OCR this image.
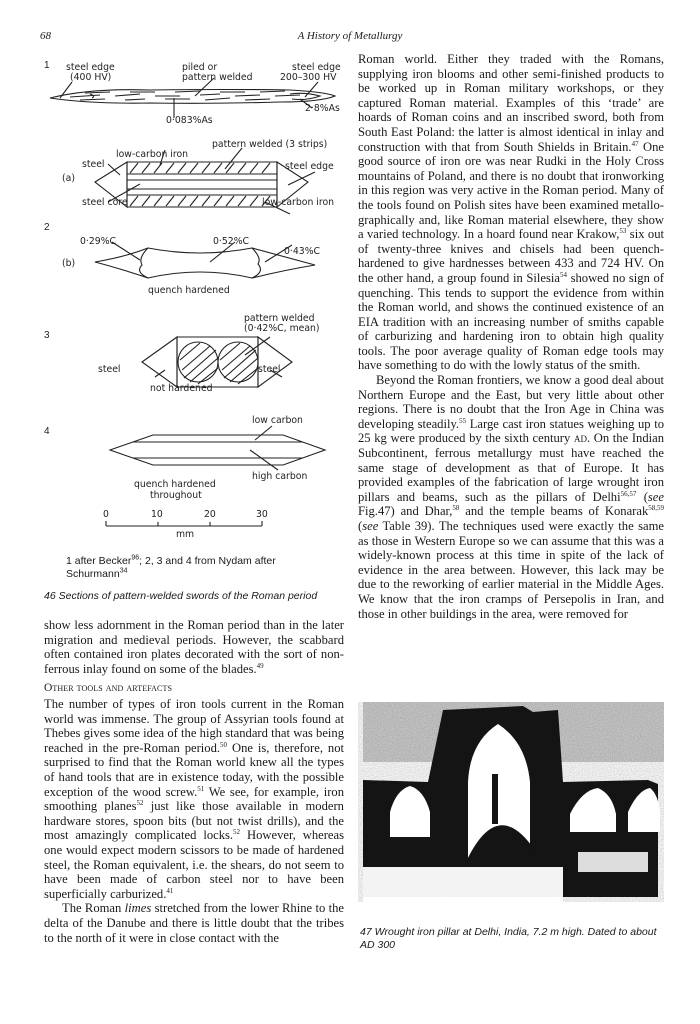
68	A History of Metallurgy
1 steel edge
(400 HV)
piled or
pattern welded
steel edge
200–300 HV
2·8%As
0·083%As
pattern welded (3 strips)
low-carbon iron
steel	steel edge
(a)
steel core	low-carbon iron
2
0·29%C	0·52%C
0·43%C
(b)
quench hardened
pattern welded
(0·42%C, mean)
3
steel	steel
not hardened
low carbon
4
high carbon
quench hardened
throughout
0	10	20	30
mm
1 after Becker$^{96}$; 2, 3 and 4 from Nydam after Schurmann$^{34}$
46 Sections of pattern-welded swords of the Roman period

show less adornment in the Roman period than in the later migration and medieval periods. However, the scabbard often contained iron plates decorated with the sort of non-ferrous inlay found on some of the blades.$^{49}$

Other tools and artefacts

The number of types of iron tools current in the Roman world was immense. The group of Assyrian tools found at Thebes gives some idea of the high standard that was being reached in the pre-Roman period.$^{50}$ One is, therefore, not surprised to find that the Roman world knew all the types of hand tools that are in existence today, with the possible exception of the wood screw.$^{51}$ We see, for example, iron smoothing planes$^{52}$ just like those available in modern hardware stores, spoon bits (but not twist drills), and the most amazingly complicated locks.$^{52}$ However, whereas one would expect modern scissors to be made of hardened steel, the Roman equivalent, i.e. the shears, do not seem to have been made of carbon steel nor to have been superficially carburized.$^{41}$

The Roman limes stretched from the lower Rhine to the delta of the Danube and there is little doubt that the tribes to the north of it were in close contact with the

Roman world. Either they traded with the Romans, supplying iron blooms and other semi-finished products to be worked up in Roman military workshops, or they captured Roman material. Examples of this ‘trade’ are hoards of Roman coins and an inscribed sword, both from South East Poland: the latter is almost identical in inlay and construction with that from South Shields in Britain.$^{47}$ One good source of iron ore was near Rudki in the Holy Cross mountains of Poland, and there is no doubt that ironworking in this region was very active in the Roman period. Many of the tools found on Polish sites have been examined metallo-graphically and, like Roman material elsewhere, they show a varied technology. In a hoard found near Krakow,$^{53}$ six out of twenty-three knives and chisels had been quench-hardened to give hardnesses between 433 and 724 HV. On the other hand, a group found in Silesia$^{54}$ showed no sign of quenching. This tends to support the evidence from within the Roman world, and shows the continued existence of an EIA tradition with an increasing number of smiths capable of carburizing and hardening iron to obtain high quality tools. The poor average quality of Roman edge tools may have something to do with the lowly status of the smith.

Beyond the Roman frontiers, we know a good deal about Northern Europe and the East, but very little about other regions. There is no doubt that the Iron Age in China was developing steadily.$^{55}$ Large cast iron statues weighing up to 25 kg were produced by the sixth century ad. On the Indian Subcontinent, ferrous metallurgy must have reached the same stage of development as that of Europe. It has provided examples of the fabrication of large wrought iron pillars and beams, such as the pillars of Delhi$^{56,57}$ (see Fig.47) and Dhar,$^{58}$ and the temple beams of Konarak$^{58,59}$ (see Table 39). The techniques used were exactly the same as those in Western Europe so we can assume that this was a widely-known process at this time in spite of the lack of evidence in the area between. However, this lack may be due to the reworking of earlier material in the Middle Ages. We know that the iron cramps of Persepolis in Iran, and those in other buildings in the area, were removed for

47 Wrought iron pillar at Delhi, India, 7.2 m high. Dated to about AD 300
